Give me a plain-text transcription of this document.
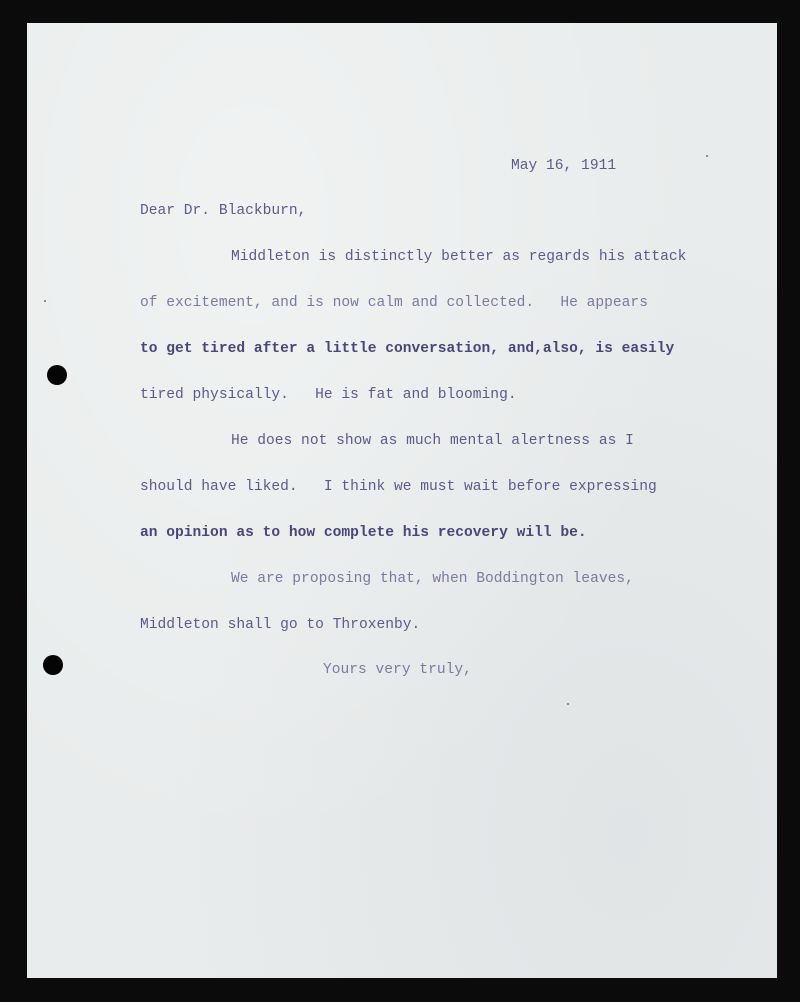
May 16, 1911

Dear Dr. Blackburn,

Middleton is distinctly better as regards his attack

of excitement, and is now calm and collected.   He appears

to get tired after a little conversation, and,also, is easily

tired physically.   He is fat and blooming.

He does not show as much mental alertness as I

should have liked.   I think we must wait before expressing

an opinion as to how complete his recovery will be.

We are proposing that, when Boddington leaves,

Middleton shall go to Throxenby.

Yours very truly,
